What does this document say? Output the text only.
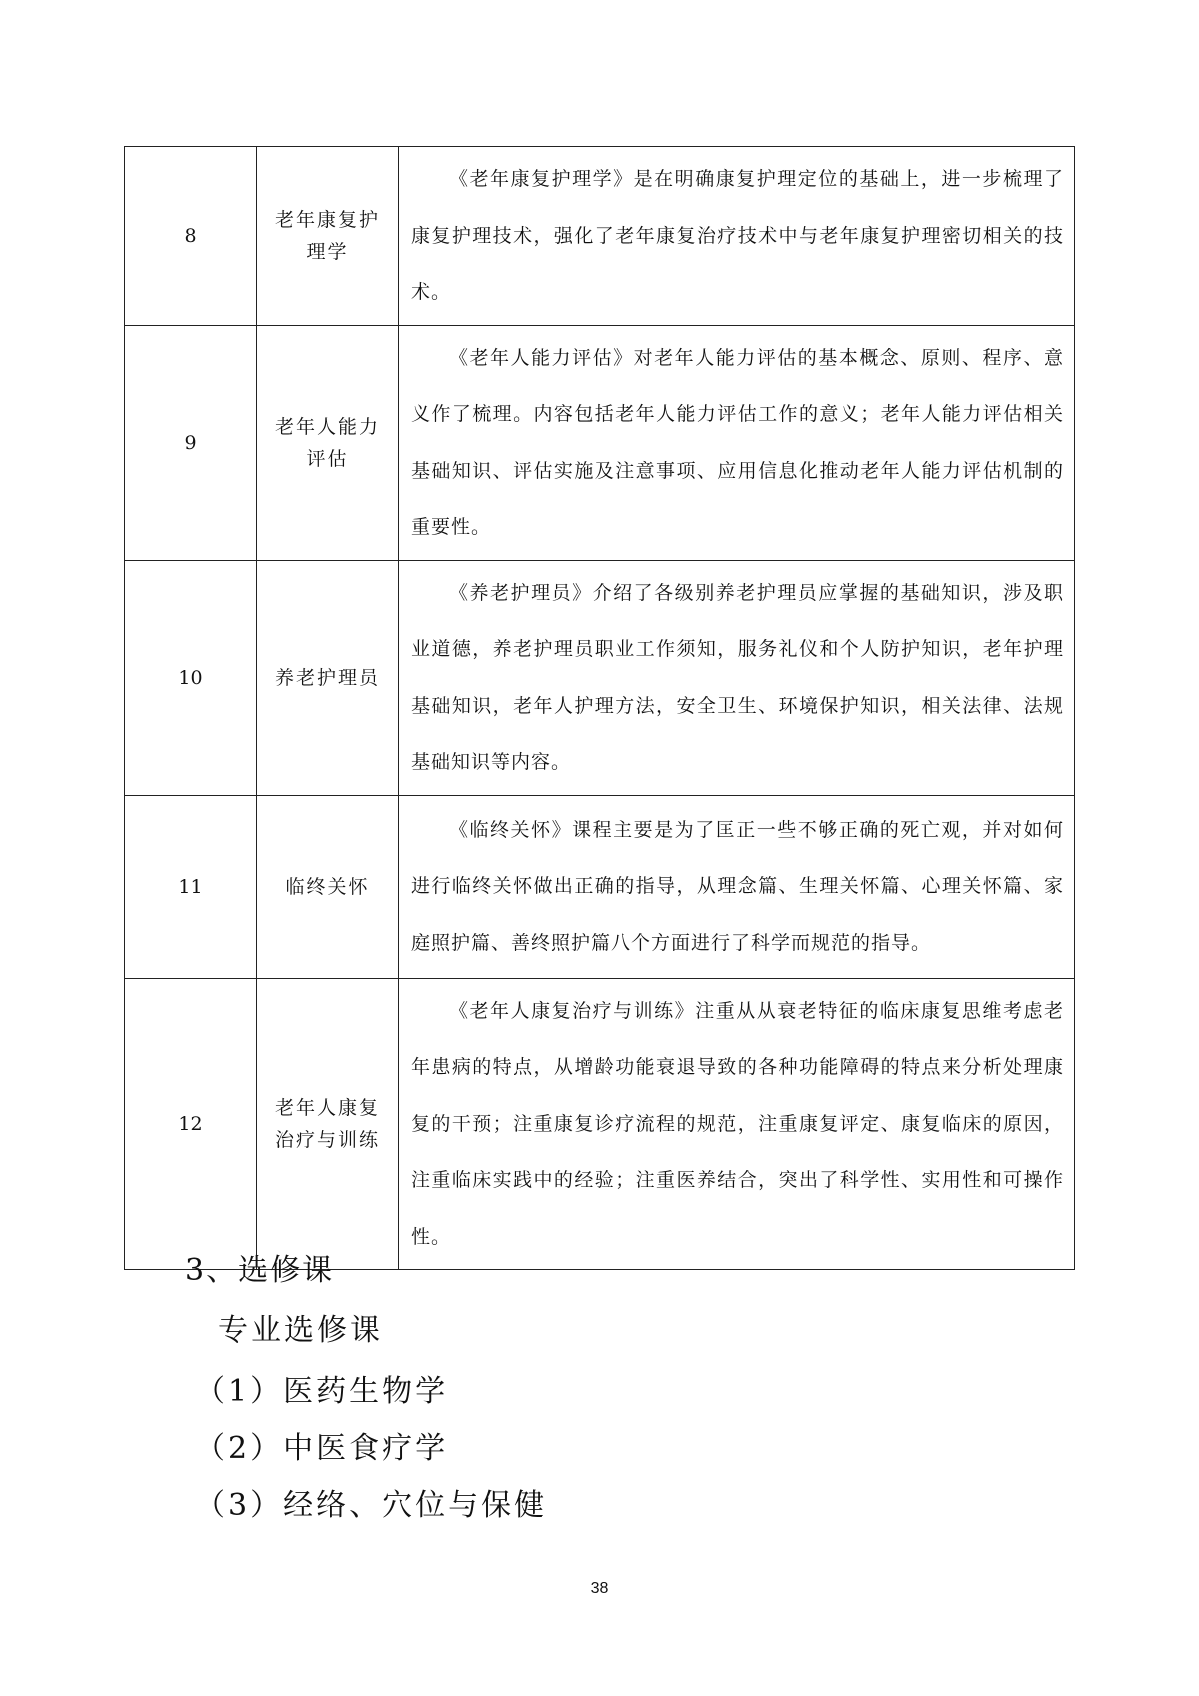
8	老年康复护理学	《老年康复护理学》是在明确康复护理定位的基础上，进一步梳理了康复护理技术，强化了老年康复治疗技术中与老年康复护理密切相关的技术。
9	老年人能力评估	《老年人能力评估》对老年人能力评估的基本概念、原则、程序、意义作了梳理。内容包括老年人能力评估工作的意义；老年人能力评估相关基础知识、评估实施及注意事项、应用信息化推动老年人能力评估机制的重要性。
10	养老护理员	《养老护理员》介绍了各级别养老护理员应掌握的基础知识，涉及职业道德，养老护理员职业工作须知，服务礼仪和个人防护知识，老年护理基础知识，老年人护理方法，安全卫生、环境保护知识，相关法律、法规基础知识等内容。
11	临终关怀	《临终关怀》课程主要是为了匡正一些不够正确的死亡观，并对如何进行临终关怀做出正确的指导，从理念篇、生理关怀篇、心理关怀篇、家庭照护篇、善终照护篇八个方面进行了科学而规范的指导。
12	老年人康复治疗与训练	《老年人康复治疗与训练》注重从从衰老特征的临床康复思维考虑老年患病的特点，从增龄功能衰退导致的各种功能障碍的特点来分析处理康复的干预；注重康复诊疗流程的规范，注重康复评定、康复临床的原因，注重临床实践中的经验；注重医养结合，突出了科学性、实用性和可操作性。
3、选修课
专业选修课
（1）医药生物学
（2）中医食疗学
（3）经络、穴位与保健
38
